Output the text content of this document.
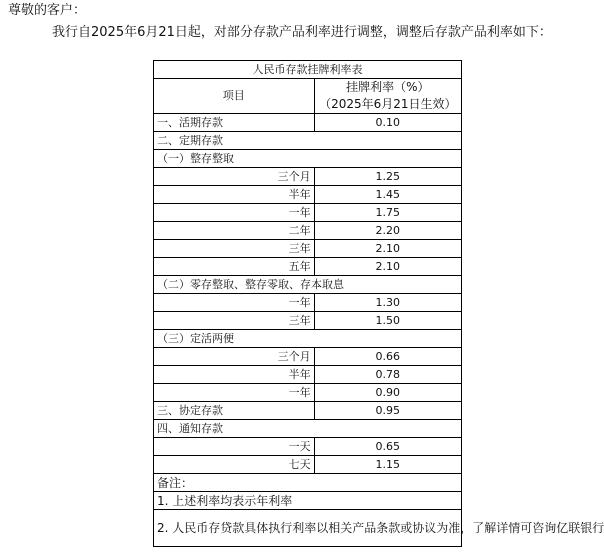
尊敬的客户：
我行自2025年6月21日起，对部分存款产品利率进行调整，调整后存款产品利率如下：
人民币存款挂牌利率表	
项目	挂牌利率（%）
（2025年6月21日生效）

一、活期存款	0.10
二、定期存款	
（一）整存整取	
三个月	1.25
半年	1.45
一年	1.75
二年	2.20
三年	2.10
五年	2.10
（二）零存整取、整存零取、存本取息	
一年	1.30
三年	1.50
（三）定活两便	
三个月	0.66
半年	0.78
一年	0.90
三、协定存款	0.95
四、通知存款	
一天	0.65
七天	1.15
备注：	
1. 上述利率均表示年利率	
2. 人民币存贷款具体执行利率以相关产品条款或协议为准，了解详情可咨询亿联银行	
